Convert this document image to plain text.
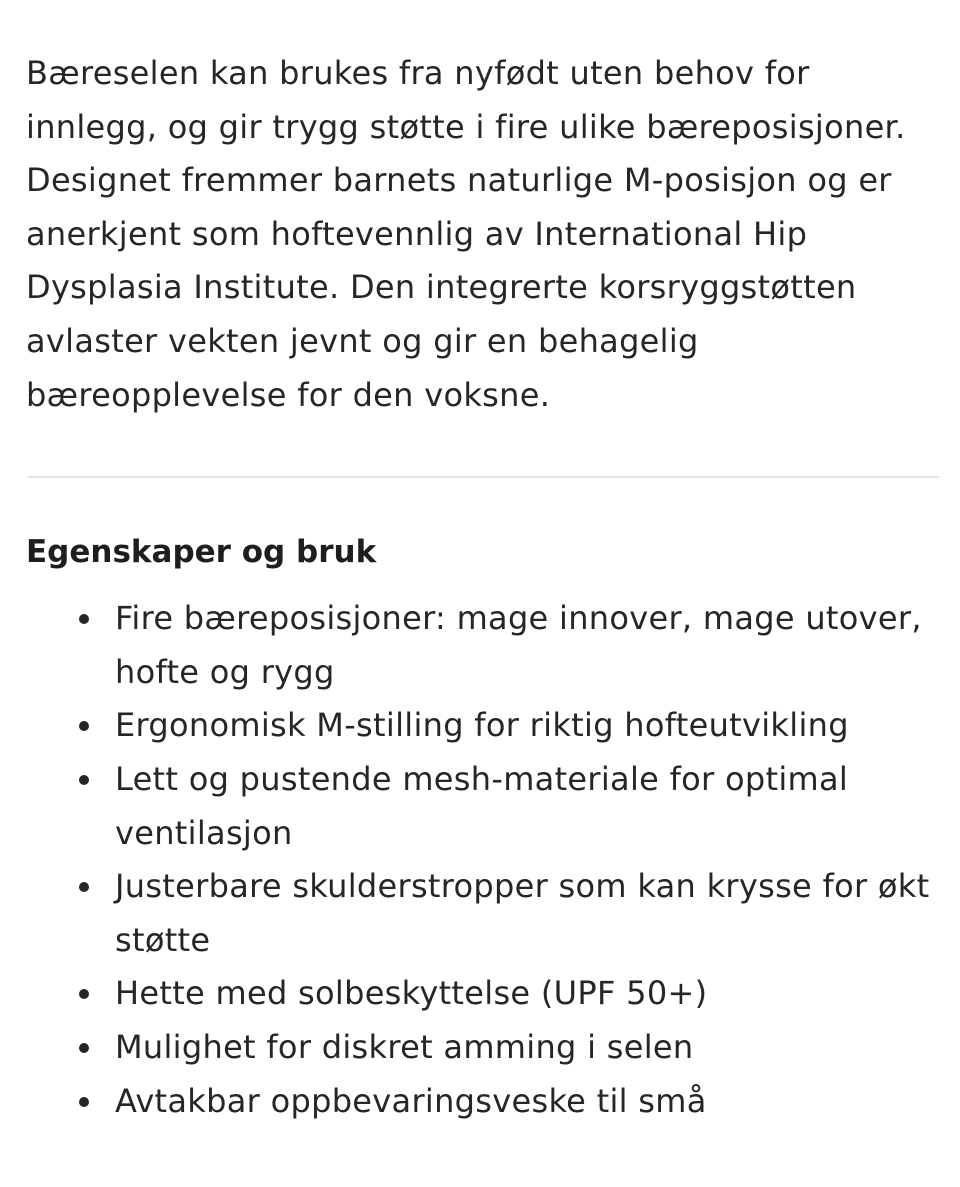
Bæreselen kan brukes fra nyfødt uten behov for innlegg, og gir trygg støtte i fire ulike bæreposisjoner. Designet fremmer barnets naturlige M-posisjon og er anerkjent som hoftevennlig av International Hip Dysplasia Institute. Den integrerte korsryggstøtten avlaster vekten jevnt og gir en behagelig bæreopplevelse for den voksne.

Egenskaper og bruk
Fire bæreposisjoner: mage innover, mage utover, hofte og rygg
Ergonomisk M-stilling for riktig hofteutvikling
Lett og pustende mesh-materiale for optimal ventilasjon
Justerbare skulderstropper som kan krysse for økt støtte
Hette med solbeskyttelse (UPF 50+)
Mulighet for diskret amming i selen
Avtakbar oppbevaringsveske til små
